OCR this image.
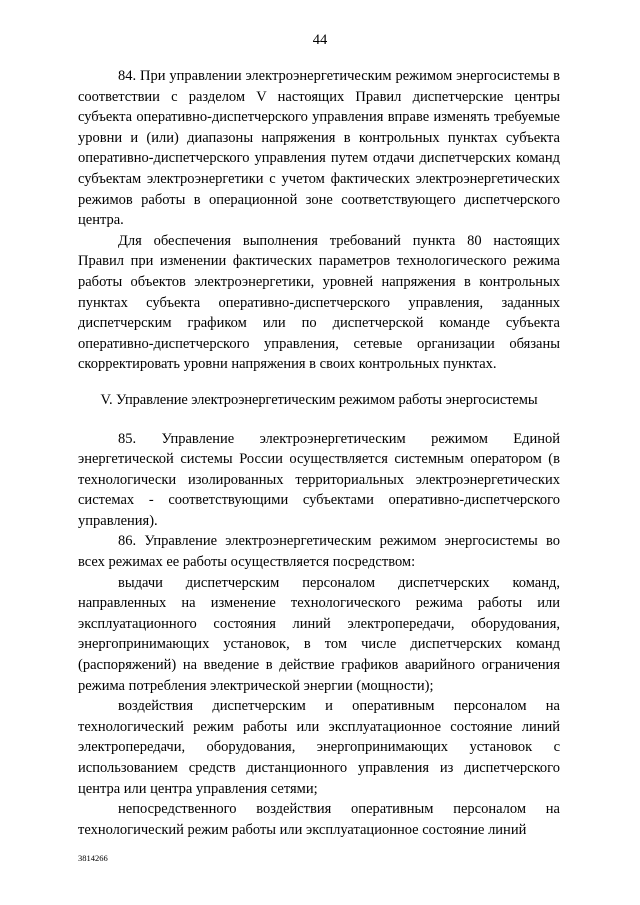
44

84. При управлении электроэнергетическим режимом энергосистемы в соответствии с разделом V настоящих Правил диспетчерские центры субъекта оперативно-диспетчерского управления вправе изменять требуемые уровни и (или) диапазоны напряжения в контрольных пунктах субъекта оперативно-диспетчерского управления путем отдачи диспетчерских команд субъектам электроэнергетики с учетом фактических электроэнергетических режимов работы в операционной зоне соответствующего диспетчерского центра.

Для обеспечения выполнения требований пункта 80 настоящих Правил при изменении фактических параметров технологического режима работы объектов электроэнергетики, уровней напряжения в контрольных пунктах субъекта оперативно-диспетчерского управления, заданных диспетчерским графиком или по диспетчерской команде субъекта оперативно-диспетчерского управления, сетевые организации обязаны скорректировать уровни напряжения в своих контрольных пунктах.

V. Управление электроэнергетическим режимом работы энергосистемы

85. Управление электроэнергетическим режимом Единой энергетической системы России осуществляется системным оператором (в технологически изолированных территориальных электроэнергетических системах - соответствующими субъектами оперативно-диспетчерского управления).

86. Управление электроэнергетическим режимом энергосистемы во всех режимах ее работы осуществляется посредством:

выдачи диспетчерским персоналом диспетчерских команд, направленных на изменение технологического режима работы или эксплуатационного состояния линий электропередачи, оборудования, энергопринимающих установок, в том числе диспетчерских команд (распоряжений) на введение в действие графиков аварийного ограничения режима потребления электрической энергии (мощности);

воздействия диспетчерским и оперативным персоналом на технологический режим работы или эксплуатационное состояние линий электропередачи, оборудования, энергопринимающих установок с использованием средств дистанционного управления из диспетчерского центра или центра управления сетями;

непосредственного воздействия оперативным персоналом на технологический режим работы или эксплуатационное состояние линий

3814266
